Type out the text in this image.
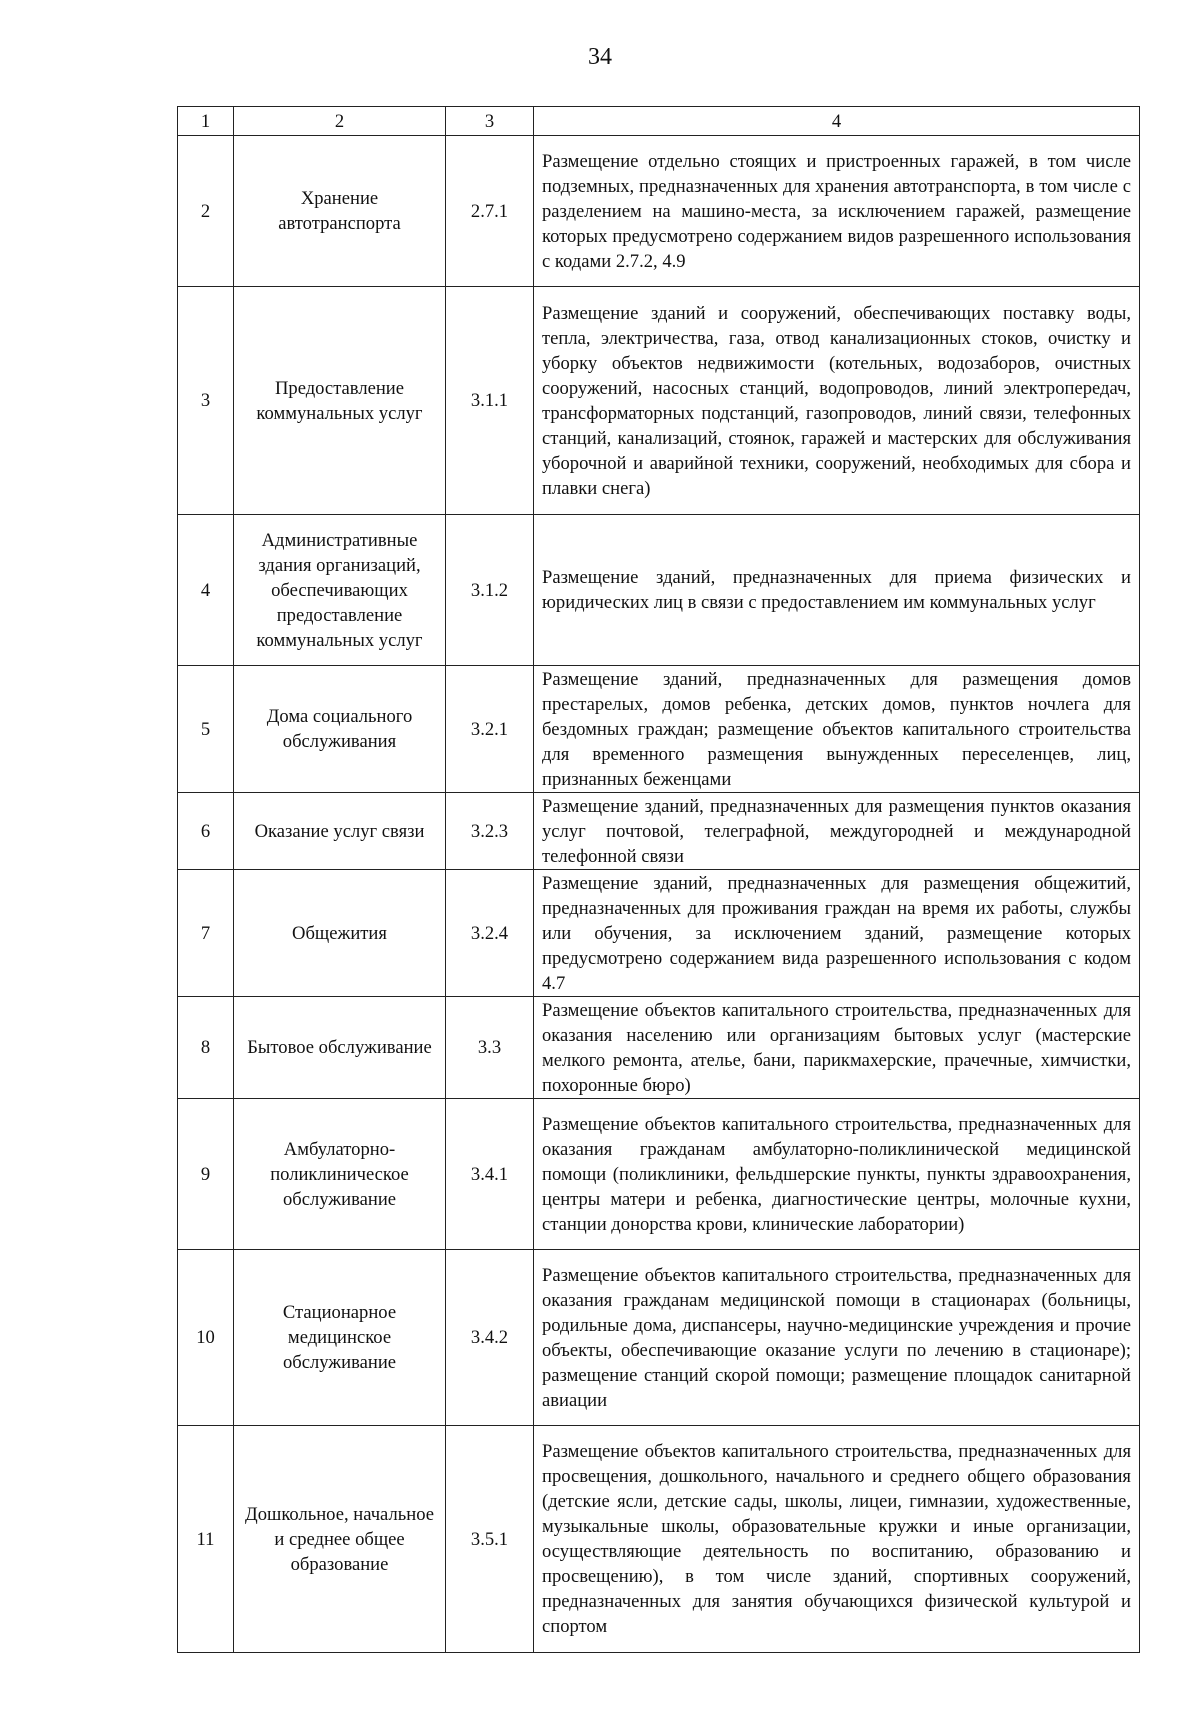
34
1	2	3	4
2	Хранение автотранспорта	2.7.1	Размещение отдельно стоящих и пристроенных гаражей, в том числе подземных, предназначенных для хранения автотранспорта, в том числе с разделением на машино-места, за исключением гаражей, размещение которых предусмотрено содержанием видов разрешенного использования с кодами 2.7.2, 4.9
3	Предоставление коммунальных услуг	3.1.1	Размещение зданий и сооружений, обеспечивающих поставку воды, тепла, электричества, газа, отвод канализационных стоков, очистку и уборку объектов недвижимости (котельных, водозаборов, очистных сооружений, насосных станций, водопроводов, линий электропередач, трансформаторных подстанций, газопроводов, линий связи, телефонных станций, канализаций, стоянок, гаражей и мастерских для обслуживания уборочной и аварийной техники, сооружений, необходимых для сбора и плавки снега)
4	Административные здания организаций, обеспечивающих предоставление коммунальных услуг	3.1.2	Размещение зданий, предназначенных для приема физических и юридических лиц в связи с предоставлением им коммунальных услуг
5	Дома социального обслуживания	3.2.1	Размещение зданий, предназначенных для размещения домов престарелых, домов ребенка, детских домов, пунктов ночлега для бездомных граждан; размещение объектов капитального строительства для временного размещения вынужденных переселенцев, лиц, признанных беженцами
6	Оказание услуг связи	3.2.3	Размещение зданий, предназначенных для размещения пунктов оказания услуг почтовой, телеграфной, междугородней и международной телефонной связи
7	Общежития	3.2.4	Размещение зданий, предназначенных для размещения общежитий, предназначенных для проживания граждан на время их работы, службы или обучения, за исключением зданий, размещение которых предусмотрено содержанием вида разрешенного использования с кодом 4.7
8	Бытовое обслуживание	3.3	Размещение объектов капитального строительства, предназначенных для оказания населению или организациям бытовых услуг (мастерские мелкого ремонта, ателье, бани, парикмахерские, прачечные, химчистки, похоронные бюро)
9	Амбулаторно-поликлиническое обслуживание	3.4.1	Размещение объектов капитального строительства, предназначенных для оказания гражданам амбулаторно-поликлинической медицинской помощи (поликлиники, фельдшерские пункты, пункты здравоохранения, центры матери и ребенка, диагностические центры, молочные кухни, станции донорства крови, клинические лаборатории)
10	Стационарное медицинское обслуживание	3.4.2	Размещение объектов капитального строительства, предназначенных для оказания гражданам медицинской помощи в стационарах (больницы, родильные дома, диспансеры, научно-медицинские учреждения и прочие объекты, обеспечивающие оказание услуги по лечению в стационаре); размещение станций скорой помощи; размещение площадок санитарной авиации
11	Дошкольное, начальное и среднее общее образование	3.5.1	Размещение объектов капитального строительства, предназначенных для просвещения, дошкольного, начального и среднего общего образования (детские ясли, детские сады, школы, лицеи, гимназии, художественные, музыкальные школы, образовательные кружки и иные организации, осуществляющие деятельность по воспитанию, образованию и просвещению), в том числе зданий, спортивных сооружений, предназначенных для занятия обучающихся физической культурой и спортом
